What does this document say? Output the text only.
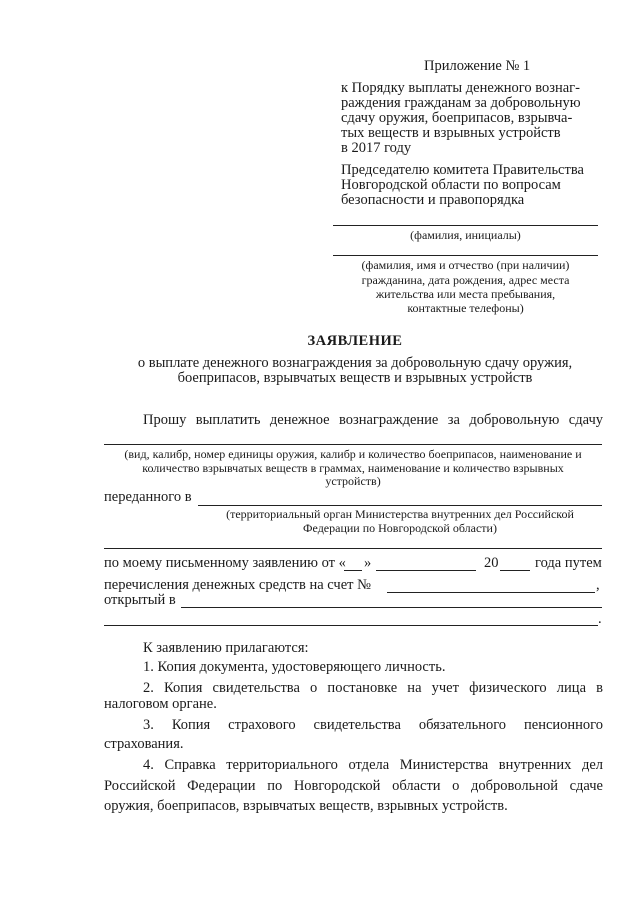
Приложение № 1
к Порядку выплаты денежного вознаг-
раждения гражданам за добровольную
сдачу оружия, боеприпасов, взрывча-
тых веществ и взрывных устройств
в 2017 году
Председателю комитета Правительства
Новгородской области по вопросам
безопасности и правопорядка
(фамилия, инициалы)
(фамилия, имя и отчество (при наличии)
гражданина, дата рождения, адрес места
жительства или места пребывания,
контактные телефоны)
ЗАЯВЛЕНИЕ
о выплате денежного вознаграждения за добровольную сдачу оружия,
боеприпасов, взрывчатых веществ и взрывных устройств
Прошу выплатить денежное вознаграждение за добровольную сдачу
(вид, калибр, номер единицы оружия, калибр и количество боеприпасов, наименование и
количество взрывчатых веществ в граммах, наименование и количество взрывных
устройств)
переданного в
(территориальный орган Министерства внутренних дел Российской
Федерации по Новгородской области)
по моему письменному заявлению от « »	20	года путем
перечисления денежных средств на счет №	,
открытый в
.
К заявлению прилагаются:
1. Копия документа, удостоверяющего личность.
2. Копия свидетельства о постановке на учет физического лица в
налоговом органе.
3. Копия страхового свидетельства обязательного пенсионного
страхования.
4. Справка территориального отдела Министерства внутренних дел
Российской Федерации по Новгородской области о добровольной сдаче
оружия, боеприпасов, взрывчатых веществ, взрывных устройств.
